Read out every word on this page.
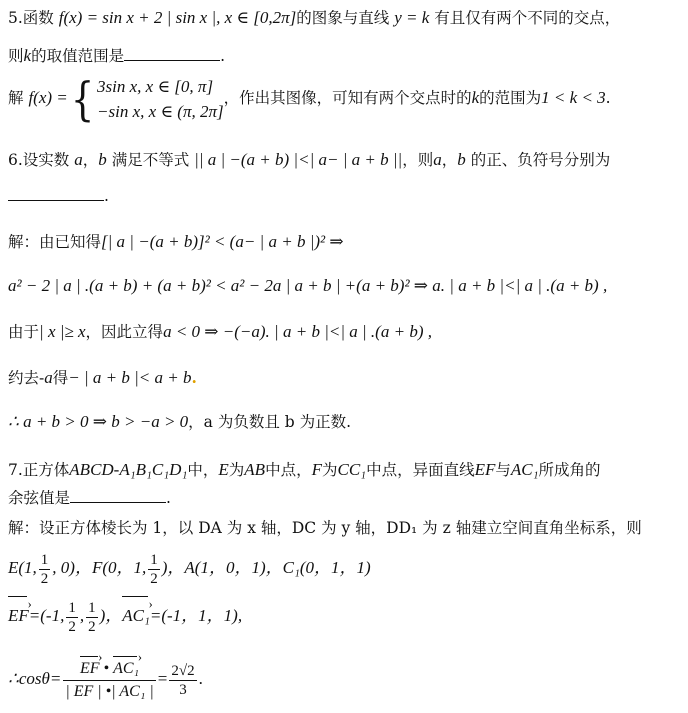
5.函数 f(x) = sin x + 2 | sin x |, x ∈ [0,2π]的图象与直线 y = k 有且仅有两个不同的交点，
则k的取值范围是	.
解 f(x) ={ 3sin x, x ∈ [0, π]
−sin x, x ∈ (π, 2π]
，作出其图像，可知有两个交点时的k的范围为1 < k < 3.
6.设实数 a，b 满足不等式 || a | −(a + b) |<| a− | a + b ||，则a，b 的正、负符号分别为
.
解：由已知得[| a | −(a + b)]² < (a− | a + b |)² ⇒
a² − 2 | a | .(a + b) + (a + b)² < a² − 2a | a + b | +(a + b)² ⇒ a. | a + b |<| a | .(a + b) ,
由于| x |≥ x，因此立得a < 0 ⇒ −(−a). | a + b |<| a | .(a + b) ,
约去-a得− | a + b |< a + b.
∴ a + b > 0 ⇒ b > −a > 0，a 为负数且 b 为正数.
7.正方体ABCD-A₁B₁C₁D₁中，E为AB中点，F为CC₁中点，异面直线EF与AC₁所成角的
余弦值是	.
解：设正方体棱长为 1，以 DA 为 x 轴，DC 为 y 轴，DD₁ 为 z 轴建立空间直角坐标系，则
E(1, $\frac{1}{2}$ , 0)，F(0，1, $\frac{1}{2}$ )，A(1，0，1)，C₁(0，1，1)
EF ›=(-1, $\frac{1}{2}$ , $\frac{1}{2}$ )，AC₁ ›=(-1，1，1),
∴cosθ= $\frac{\text{EF › • AC₁ ›}}{\text{| EF | •| AC₁ |}} = \frac{2√2}{3}$ .
